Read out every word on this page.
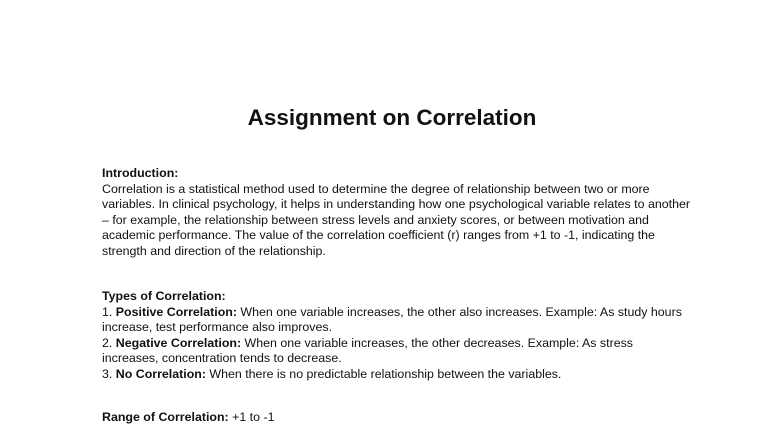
Assignment on Correlation
Introduction:

Correlation is a statistical method used to determine the degree of relationship between two or more variables. In clinical psychology, it helps in understanding how one psychological variable relates to another – for example, the relationship between stress levels and anxiety scores, or between motivation and academic performance. The value of the correlation coefficient (r) ranges from +1 to -1, indicating the strength and direction of the relationship.

Types of Correlation:
1. Positive Correlation: When one variable increases, the other also increases. Example: As study hours increase, test performance also improves.
2. Negative Correlation: When one variable increases, the other decreases. Example: As stress increases, concentration tends to decrease.
3. No Correlation: When there is no predictable relationship between the variables.
Range of Correlation: +1 to -1
